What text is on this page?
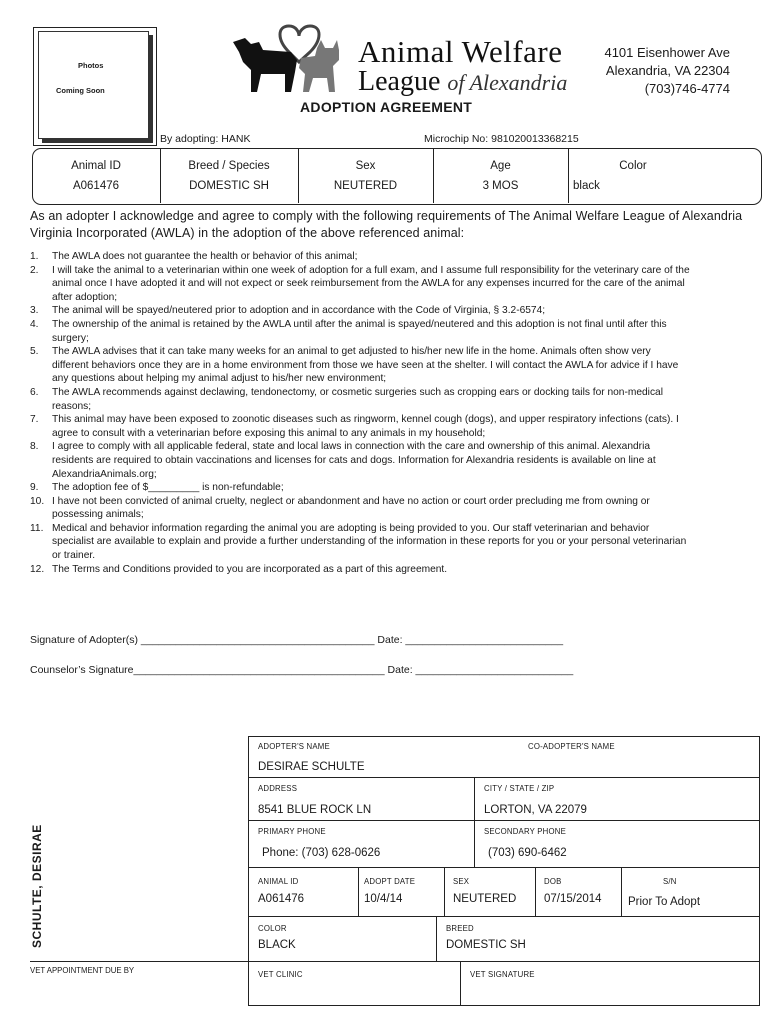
Photos
Coming Soon
Animal Welfare
League of Alexandria
4101 Eisenhower Ave
Alexandria, VA 22304
(703)746-4774
ADOPTION AGREEMENT
By adopting: HANK	Microchip No: 981020013368215
Animal ID	Breed / Species	Sex	Age	Color
A061476	DOMESTIC SH	NEUTERED	3 MOS	black
As an adopter I acknowledge and agree to comply with the following requirements of The Animal Welfare League of Alexandria Virginia Incorporated (AWLA) in the adoption of the above referenced animal:
1. The AWLA does not guarantee the health or behavior of this animal;
2. I will take the animal to a veterinarian within one week of adoption for a full exam, and I assume full responsibility for the veterinary care of the animal once I have adopted it and will not expect or seek reimbursement from the AWLA for any expenses incurred for the care of the animal after adoption;
3. The animal will be spayed/neutered prior to adoption and in accordance with the Code of Virginia, § 3.2-6574;
4. The ownership of the animal is retained by the AWLA until after the animal is spayed/neutered and this adoption is not final until after this surgery;
5. The AWLA advises that it can take many weeks for an animal to get adjusted to his/her new life in the home. Animals often show very different behaviors once they are in a home environment from those we have seen at the shelter. I will contact the AWLA for advice if I have any questions about helping my animal adjust to his/her new environment;
6. The AWLA recommends against declawing, tendonectomy, or cosmetic surgeries such as cropping ears or docking tails for non-medical reasons;
7. This animal may have been exposed to zoonotic diseases such as ringworm, kennel cough (dogs), and upper respiratory infections (cats). I agree to consult with a veterinarian before exposing this animal to any animals in my household;
8. I agree to comply with all applicable federal, state and local laws in connection with the care and ownership of this animal. Alexandria residents are required to obtain vaccinations and licenses for cats and dogs. Information for Alexandria residents is available on line at AlexandriaAnimals.org;
9. The adoption fee of $_________ is non-refundable;
10. I have not been convicted of animal cruelty, neglect or abandonment and have no action or court order precluding me from owning or possessing animals;
11. Medical and behavior information regarding the animal you are adopting is being provided to you. Our staff veterinarian and behavior specialist are available to explain and provide a further understanding of the information in these reports for you or your personal veterinarian or trainer.
12. The Terms and Conditions provided to you are incorporated as a part of this agreement.
Signature of Adopter(s) ________________________________________ Date: ___________________________
Counselor’s Signature___________________________________________ Date: ___________________________
ADOPTER'S NAME	CO-ADOPTER'S NAME
DESIRAE SCHULTE
ADDRESS
8541 BLUE ROCK LN
CITY / STATE / ZIP
LORTON, VA 22079
PRIMARY PHONE
Phone: (703) 628-0626
SECONDARY PHONE
(703) 690-6462
ANIMAL ID
A061476
ADOPT DATE
10/4/14
SEX
NEUTERED
DOB
07/15/2014
S/N
Prior To Adopt
COLOR
BLACK
BREED
DOMESTIC SH
VET CLINIC	VET SIGNATURE
SCHULTE, DESIRAE
VET APPOINTMENT DUE BY
